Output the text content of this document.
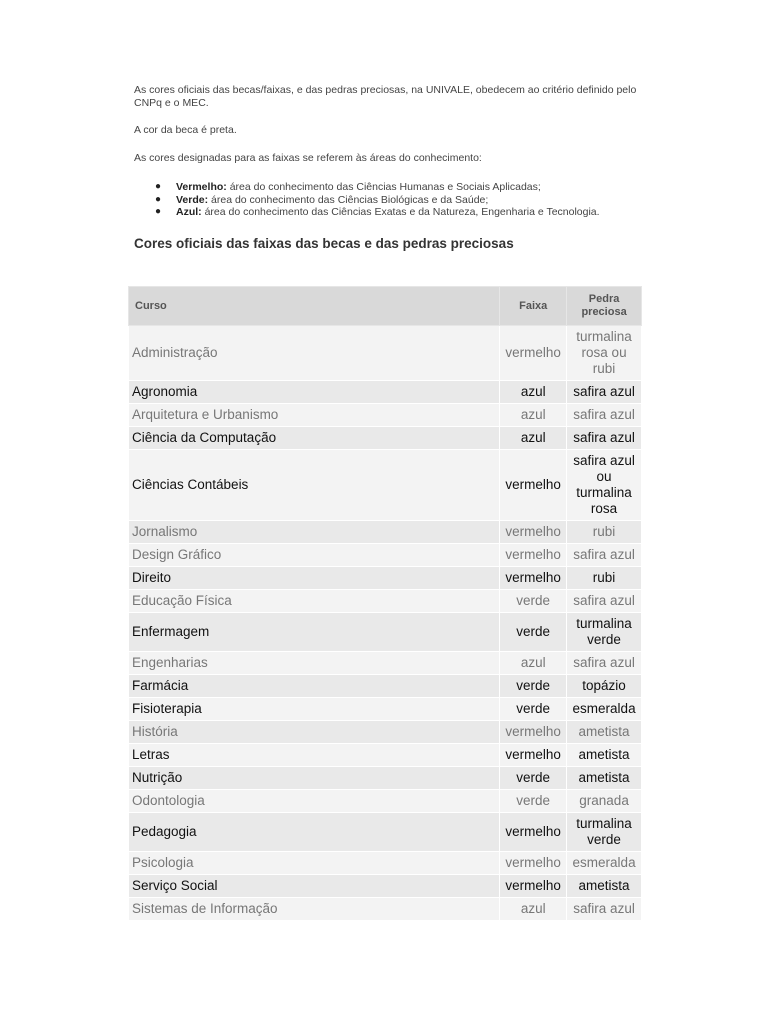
As cores oficiais das becas/faixas, e das pedras preciosas, na UNIVALE, obedecem ao critério definido pelo CNPq e o MEC.

A cor da beca é preta.

As cores designadas para as faixas se referem às áreas do conhecimento:

● Vermelho: área do conhecimento das Ciências Humanas e Sociais Aplicadas;
● Verde: área do conhecimento das Ciências Biológicas e da Saúde;
● Azul: área do conhecimento das Ciências Exatas e da Natureza, Engenharia e Tecnologia.
Cores oficiais das faixas das becas e das pedras preciosas
Curso	Faixa	Pedra preciosa
Administração	vermelho	turmalina rosa ou rubi
Agronomia	azul	safira azul
Arquitetura e Urbanismo	azul	safira azul
Ciência da Computação	azul	safira azul
Ciências Contábeis	vermelho	safira azul ou turmalina rosa
Jornalismo	vermelho	rubi
Design Gráfico	vermelho	safira azul
Direito	vermelho	rubi
Educação Física	verde	safira azul
Enfermagem	verde	turmalina verde
Engenharias	azul	safira azul
Farmácia	verde	topázio
Fisioterapia	verde	esmeralda
História	vermelho	ametista
Letras	vermelho	ametista
Nutrição	verde	ametista
Odontologia	verde	granada
Pedagogia	vermelho	turmalina verde
Psicologia	vermelho	esmeralda
Serviço Social	vermelho	ametista
Sistemas de Informação	azul	safira azul
